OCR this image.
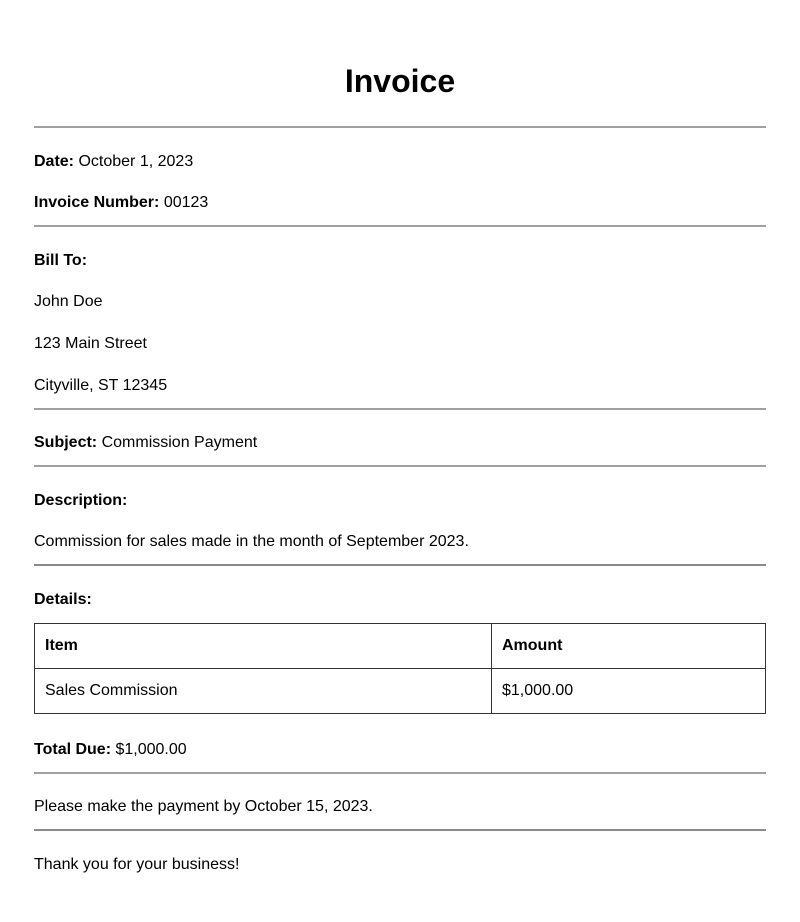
Invoice
Date: October 1, 2023
Invoice Number: 00123
Bill To:
John Doe
123 Main Street
Cityville, ST 12345
Subject: Commission Payment
Description:
Commission for sales made in the month of September 2023.
Details:
Item	Amount
Sales Commission	$1,000.00
Total Due: $1,000.00
Please make the payment by October 15, 2023.
Thank you for your business!
